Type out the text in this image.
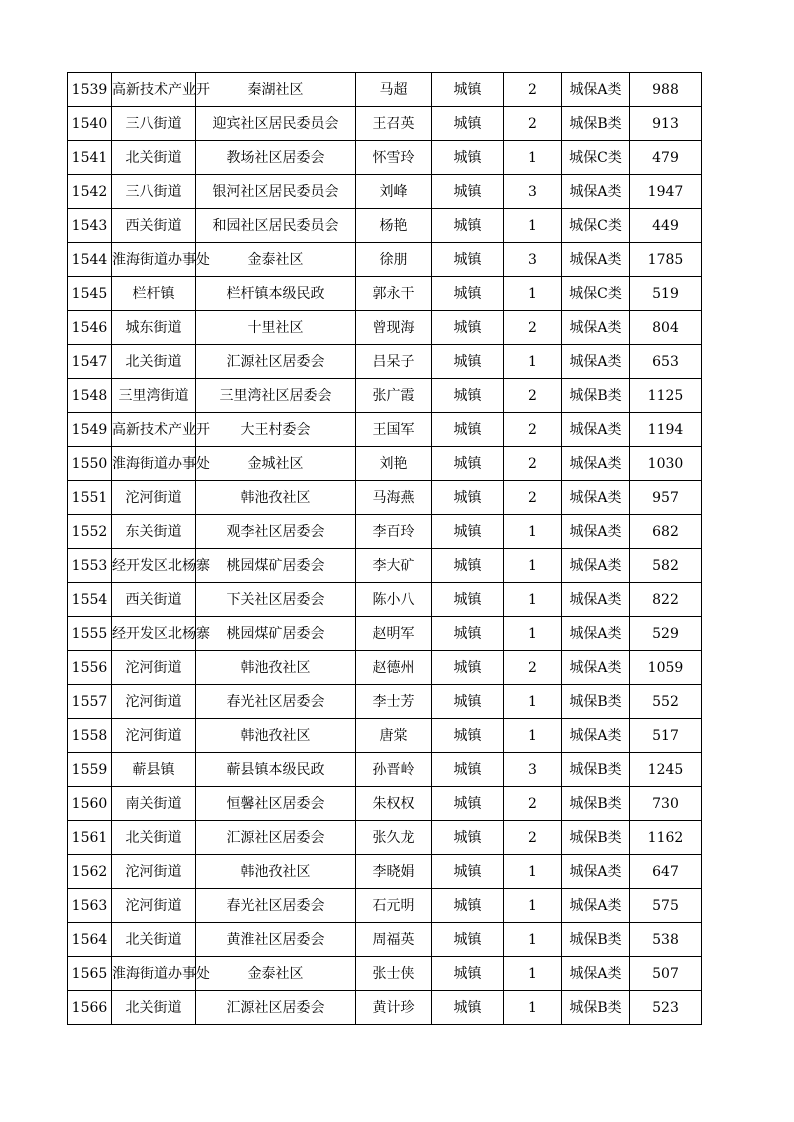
1539	高新技术产业开	秦湖社区	马超	城镇	2	城保A类	988
1540	三八街道	迎宾社区居民委员会	王召英	城镇	2	城保B类	913
1541	北关街道	教场社区居委会	怀雪玲	城镇	1	城保C类	479
1542	三八街道	银河社区居民委员会	刘峰	城镇	3	城保A类	1947
1543	西关街道	和园社区居民委员会	杨艳	城镇	1	城保C类	449
1544	淮海街道办事处	金泰社区	徐朋	城镇	3	城保A类	1785
1545	栏杆镇	栏杆镇本级民政	郭永干	城镇	1	城保C类	519
1546	城东街道	十里社区	曾现海	城镇	2	城保A类	804
1547	北关街道	汇源社区居委会	吕呆子	城镇	1	城保A类	653
1548	三里湾街道	三里湾社区居委会	张广霞	城镇	2	城保B类	1125
1549	高新技术产业开	大王村委会	王国军	城镇	2	城保A类	1194
1550	淮海街道办事处	金城社区	刘艳	城镇	2	城保A类	1030
1551	沱河街道	韩池孜社区	马海燕	城镇	2	城保A类	957
1552	东关街道	观李社区居委会	李百玲	城镇	1	城保A类	682
1553	经开发区北杨寨	桃园煤矿居委会	李大矿	城镇	1	城保A类	582
1554	西关街道	下关社区居委会	陈小八	城镇	1	城保A类	822
1555	经开发区北杨寨	桃园煤矿居委会	赵明军	城镇	1	城保A类	529
1556	沱河街道	韩池孜社区	赵德州	城镇	2	城保A类	1059
1557	沱河街道	春光社区居委会	李士芳	城镇	1	城保B类	552
1558	沱河街道	韩池孜社区	唐棠	城镇	1	城保A类	517
1559	蕲县镇	蕲县镇本级民政	孙晋岭	城镇	3	城保B类	1245
1560	南关街道	恒馨社区居委会	朱权权	城镇	2	城保B类	730
1561	北关街道	汇源社区居委会	张久龙	城镇	2	城保B类	1162
1562	沱河街道	韩池孜社区	李晓娟	城镇	1	城保A类	647
1563	沱河街道	春光社区居委会	石元明	城镇	1	城保A类	575
1564	北关街道	黄淮社区居委会	周福英	城镇	1	城保B类	538
1565	淮海街道办事处	金泰社区	张士侠	城镇	1	城保A类	507
1566	北关街道	汇源社区居委会	黄计珍	城镇	1	城保B类	523
